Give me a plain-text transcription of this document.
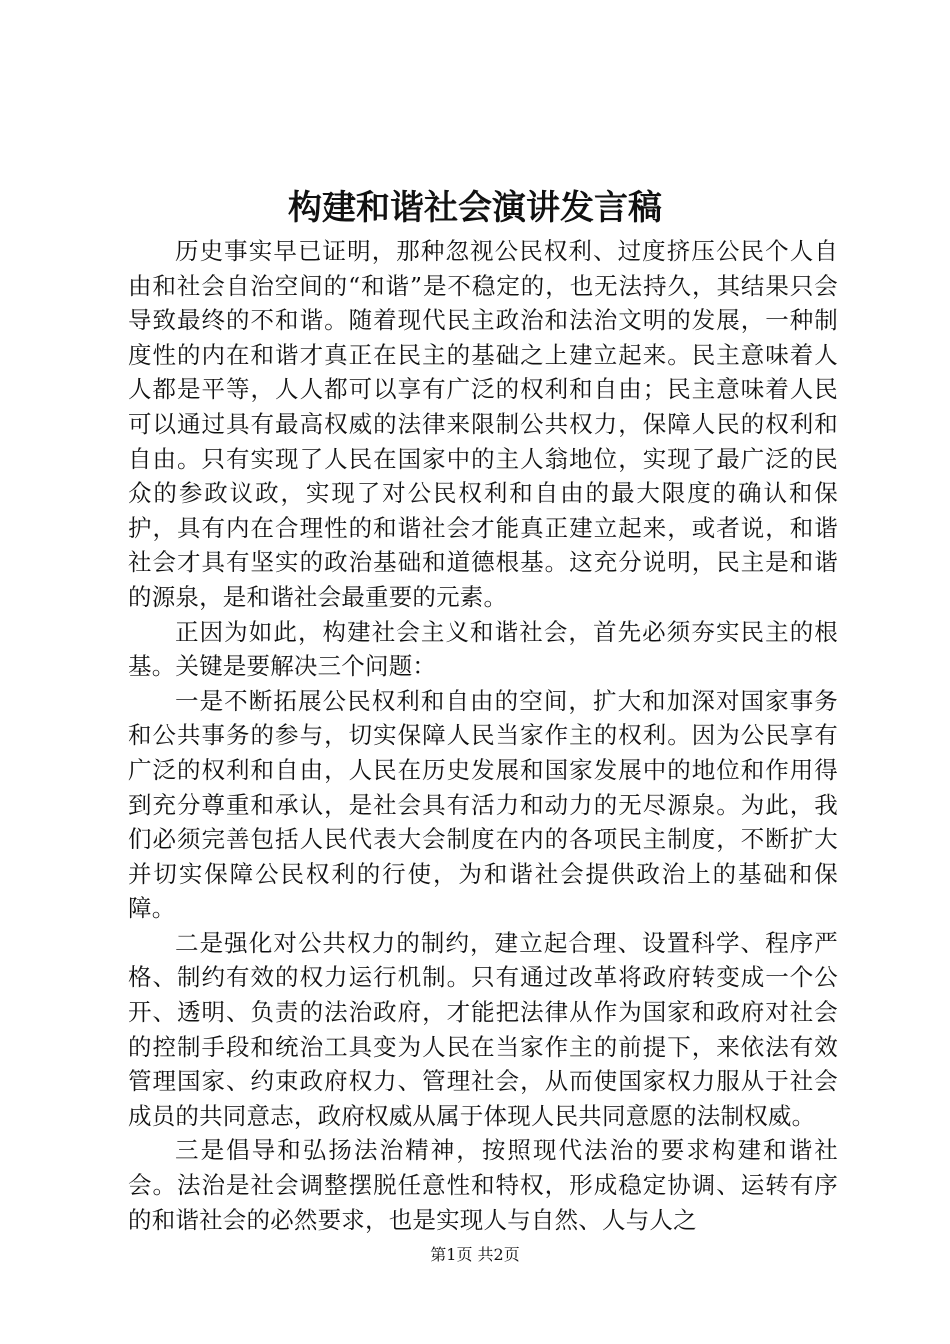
构建和谐社会演讲发言稿

历史事实早已证明，那种忽视公民权利、过度挤压公民个人自由和社会自治空间的“和谐”是不稳定的，也无法持久，其结果只会导致最终的不和谐。随着现代民主政治和法治文明的发展，一种制度性的内在和谐才真正在民主的基础之上建立起来。民主意味着人人都是平等，人人都可以享有广泛的权利和自由；民主意味着人民可以通过具有最高权威的法律来限制公共权力，保障人民的权利和自由。只有实现了人民在国家中的主人翁地位，实现了最广泛的民众的参政议政，实现了对公民权利和自由的最大限度的确认和保护，具有内在合理性的和谐社会才能真正建立起来，或者说，和谐社会才具有坚实的政治基础和道德根基。这充分说明，民主是和谐的源泉，是和谐社会最重要的元素。

正因为如此，构建社会主义和谐社会，首先必须夯实民主的根基。关键是要解决三个问题：

一是不断拓展公民权利和自由的空间，扩大和加深对国家事务和公共事务的参与，切实保障人民当家作主的权利。因为公民享有广泛的权利和自由，人民在历史发展和国家发展中的地位和作用得到充分尊重和承认，是社会具有活力和动力的无尽源泉。为此，我们必须完善包括人民代表大会制度在内的各项民主制度，不断扩大并切实保障公民权利的行使，为和谐社会提供政治上的基础和保障。

二是强化对公共权力的制约，建立起合理、设置科学、程序严格、制约有效的权力运行机制。只有通过改革将政府转变成一个公开、透明、负责的法治政府，才能把法律从作为国家和政府对社会的控制手段和统治工具变为人民在当家作主的前提下，来依法有效管理国家、约束政府权力、管理社会，从而使国家权力服从于社会成员的共同意志，政府权威从属于体现人民共同意愿的法制权威。

三是倡导和弘扬法治精神，按照现代法治的要求构建和谐社会。法治是社会调整摆脱任意性和特权，形成稳定协调、运转有序的和谐社会的必然要求，也是实现人与自然、人与人之

第1页 共2页
